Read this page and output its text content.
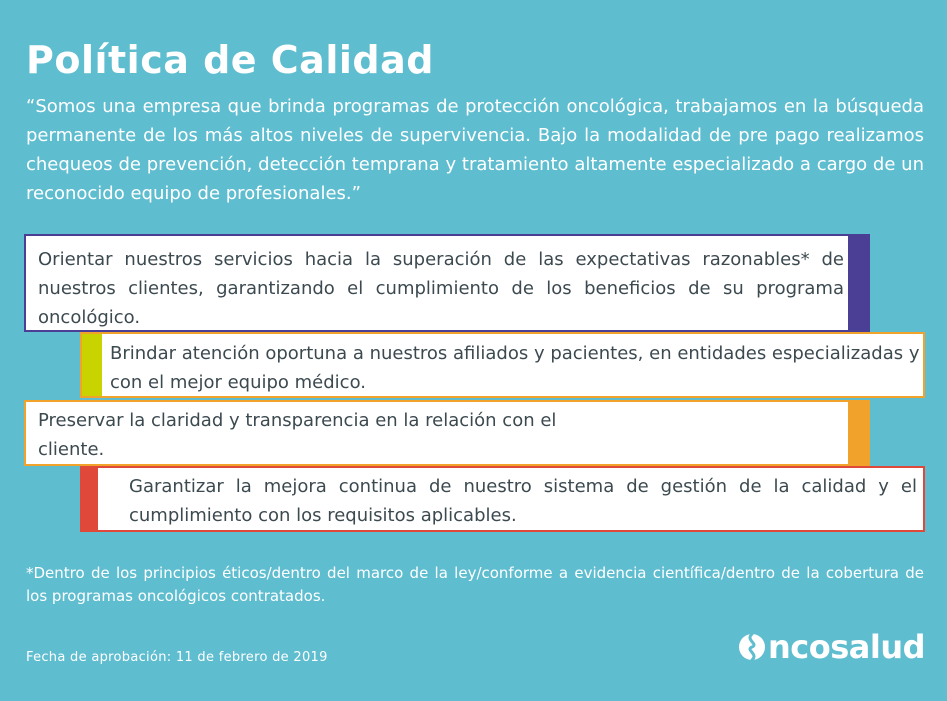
Política de Calidad

“Somos una empresa que brinda programas de protección oncológica, trabajamos en la búsqueda permanente de los más altos niveles de supervivencia. Bajo la modalidad de pre pago realizamos chequeos de prevención, detección temprana y tratamiento altamente especializado a cargo de un reconocido equipo de profesionales.”

Orientar nuestros servicios hacia la superación de las expectativas razonables* de nuestros clientes, garantizando el cumplimiento de los beneficios de su programa oncológico.

Brindar atención oportuna a nuestros afiliados y pacientes, en entidades especializadas y con el mejor equipo médico.

Preservar la claridad y transparencia en la relación con el cliente.

Garantizar la mejora continua de nuestro sistema de gestión de la calidad y el cumplimiento con los requisitos aplicables.

*Dentro de los principios éticos/dentro del marco de la ley/conforme a evidencia científica/dentro de la cobertura de los programas oncológicos contratados.

Fecha de aprobación: 11 de febrero de 2019	ncosalud
